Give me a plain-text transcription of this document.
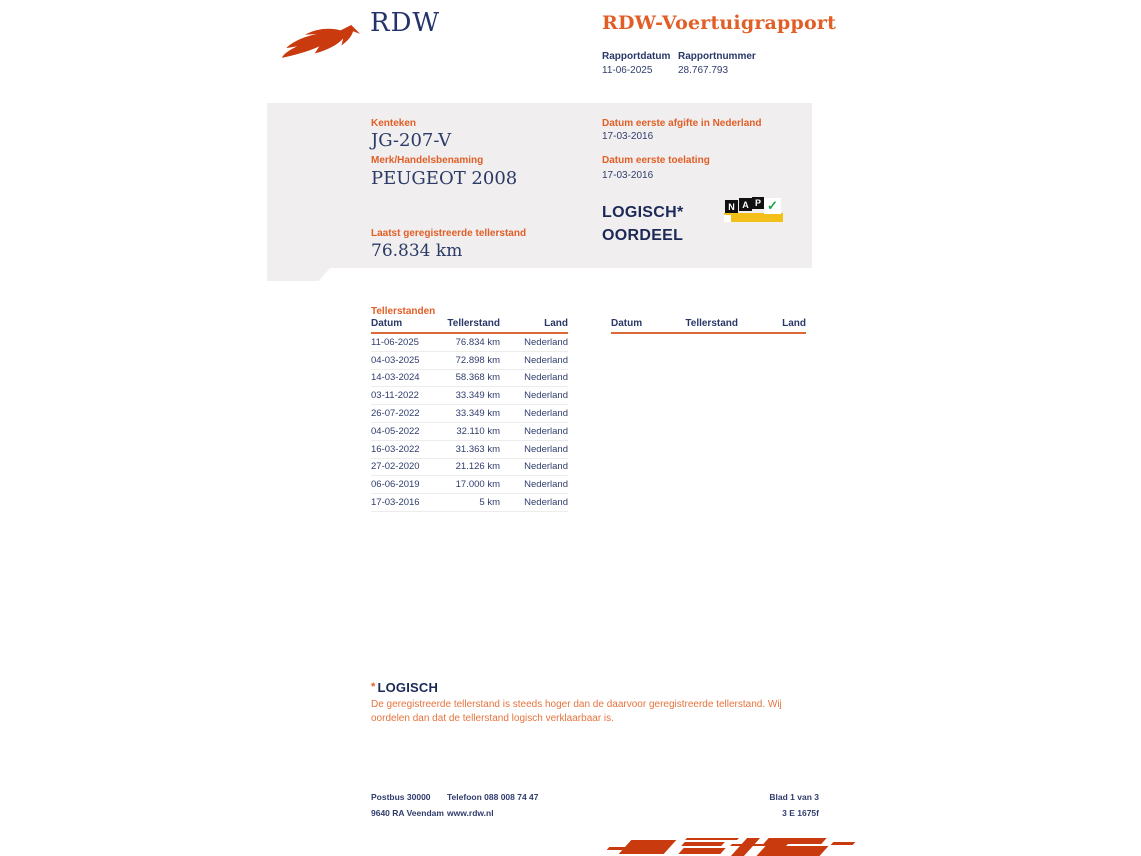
RDW	RDW-Voertuigrapport
Rapportdatum Rapportnummer
11-06-2025	28.767.793
Kenteken
JG-207-V
Merk/Handelsbenaming
PEUGEOT 2008
Laatst geregistreerde tellerstand
76.834 km
Datum eerste afgifte in Nederland
17-03-2016
Datum eerste toelating
17-03-2016
LOGISCH*
OORDEEL
N A P ✓
Tellerstanden
Datum	Tellerstand	Land
11-06-2025	76.834 km	Nederland
04-03-2025	72.898 km	Nederland
14-03-2024	58.368 km	Nederland
03-11-2022	33.349 km	Nederland
26-07-2022	33.349 km	Nederland
04-05-2022	32.110 km	Nederland
16-03-2022	31.363 km	Nederland
27-02-2020	21.126 km	Nederland
06-06-2019	17.000 km	Nederland
17-03-2016	5 km	Nederland
Datum	Tellerstand	Land
* LOGISCH
De geregistreerde tellerstand is steeds hoger dan de daarvoor geregistreerde tellerstand. Wij oordelen dan dat de tellerstand logisch verklaarbaar is.
Postbus 30000
9640 RA Veendam
Telefoon 088 008 74 47
www.rdw.nl
Blad 1 van 3
3 E 1675f
